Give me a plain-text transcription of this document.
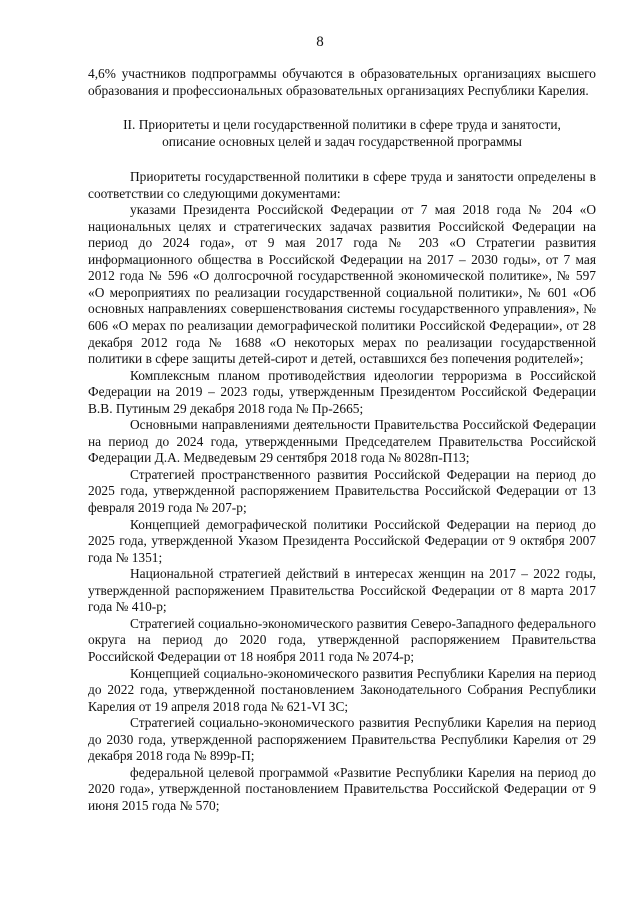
8

4,6% участников подпрограммы обучаются в образовательных организациях высшего образования и профессиональных образовательных организациях Республики Карелия.

II. Приоритеты и цели государственной политики в сфере труда и занятости,
описание основных целей и задач государственной программы

Приоритеты государственной политики в сфере труда и занятости определены в соответствии со следующими документами:

указами Президента Российской Федерации от 7 мая 2018 года № 204 «О национальных целях и стратегических задачах развития Российской Федерации на период до 2024 года», от 9 мая 2017 года № 203 «О Стратегии развития информационного общества в Российской Федерации на 2017 – 2030 годы», от 7 мая 2012 года № 596 «О долгосрочной государственной экономической политике», № 597 «О мероприятиях по реализации государственной социальной политики», № 601 «Об основных направлениях совершенствования системы государственного управления», № 606 «О мерах по реализации демографической политики Российской Федерации», от 28 декабря 2012 года № 1688 «О некоторых мерах по реализации государственной политики в сфере защиты детей-сирот и детей, оставшихся без попечения родителей»;

Комплексным планом противодействия идеологии терроризма в Российской Федерации на 2019 – 2023 годы, утвержденным Президентом Российской Федерации В.В. Путиным 29 декабря 2018 года № Пр-2665;

Основными направлениями деятельности Правительства Российской Федерации на период до 2024 года, утвержденными Председателем Правительства Российской Федерации Д.А. Медведевым 29 сентября 2018 года № 8028п-П13;

Стратегией пространственного развития Российской Федерации на период до 2025 года, утвержденной распоряжением Правительства Российской Федерации от 13 февраля 2019 года № 207-р;

Концепцией демографической политики Российской Федерации на период до 2025 года, утвержденной Указом Президента Российской Федерации от 9 октября 2007 года № 1351;

Национальной стратегией действий в интересах женщин на 2017 – 2022 годы, утвержденной распоряжением Правительства Российской Федерации от 8 марта 2017 года № 410-р;

Стратегией социально-экономического развития Северо-Западного федерального округа на период до 2020 года, утвержденной распоряжением Правительства Российской Федерации от 18 ноября 2011 года № 2074-р;

Концепцией социально-экономического развития Республики Карелия на период до 2022 года, утвержденной постановлением Законодательного Собрания Республики Карелия от 19 апреля 2018 года № 621-VI ЗС;

Стратегией социально-экономического развития Республики Карелия на период до 2030 года, утвержденной распоряжением Правительства Республики Карелия от 29 декабря 2018 года № 899р-П;

федеральной целевой программой «Развитие Республики Карелия на период до 2020 года», утвержденной постановлением Правительства Российской Федерации от 9 июня 2015 года № 570;
